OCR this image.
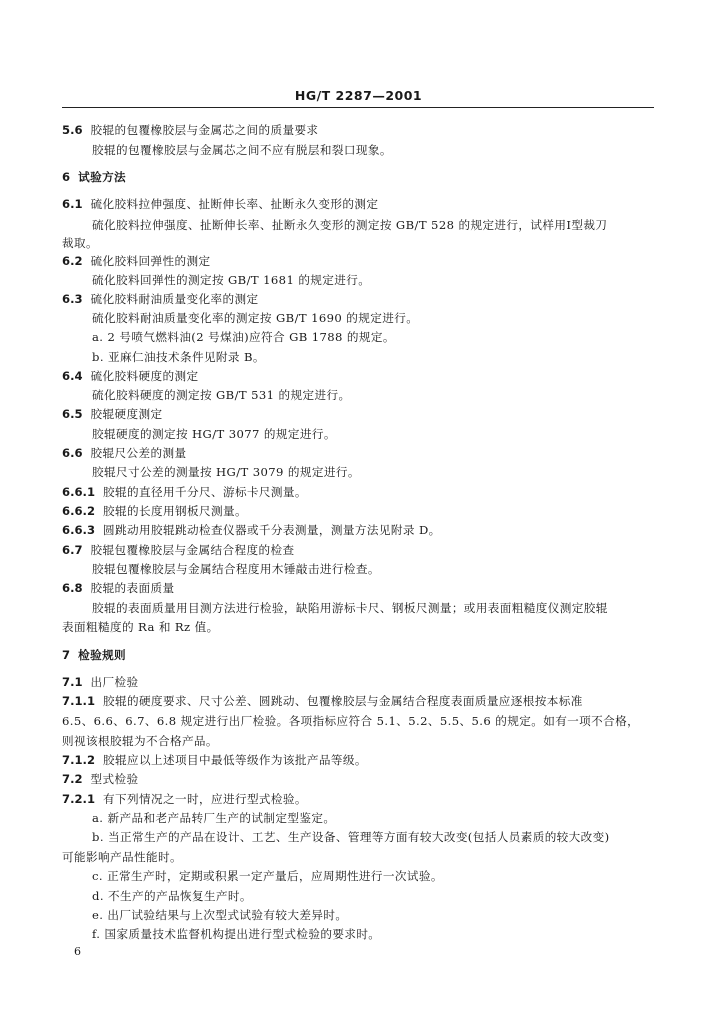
HG/T 2287—2001
5.6 胶辊的包覆橡胶层与金属芯之间的质量要求
胶辊的包覆橡胶层与金属芯之间不应有脱层和裂口现象。
6 试验方法
6.1 硫化胶料拉伸强度、扯断伸长率、扯断永久变形的测定
硫化胶料拉伸强度、扯断伸长率、扯断永久变形的测定按 GB/T 528 的规定进行，试样用Ⅰ型裁刀
裁取。
6.2 硫化胶料回弹性的测定
硫化胶料回弹性的测定按 GB/T 1681 的规定进行。
6.3 硫化胶料耐油质量变化率的测定
硫化胶料耐油质量变化率的测定按 GB/T 1690 的规定进行。
a. 2 号喷气燃料油(2 号煤油)应符合 GB 1788 的规定。
b. 亚麻仁油技术条件见附录 B。
6.4 硫化胶料硬度的测定
硫化胶料硬度的测定按 GB/T 531 的规定进行。
6.5 胶辊硬度测定
胶辊硬度的测定按 HG/T 3077 的规定进行。
6.6 胶辊尺公差的测量
胶辊尺寸公差的测量按 HG/T 3079 的规定进行。
6.6.1 胶辊的直径用千分尺、游标卡尺测量。
6.6.2 胶辊的长度用钢板尺测量。
6.6.3 圆跳动用胶辊跳动检查仪器或千分表测量，测量方法见附录 D。
6.7 胶辊包覆橡胶层与金属结合程度的检查
胶辊包覆橡胶层与金属结合程度用木锤敲击进行检查。
6.8 胶辊的表面质量
胶辊的表面质量用目测方法进行检验，缺陷用游标卡尺、钢板尺测量；或用表面粗糙度仪测定胶辊
表面粗糙度的 Ra 和 Rz 值。
7 检验规则
7.1 出厂检验
7.1.1 胶辊的硬度要求、尺寸公差、圆跳动、包覆橡胶层与金属结合程度表面质量应逐根按本标准
6.5、6.6、6.7、6.8 规定进行出厂检验。各项指标应符合 5.1、5.2、5.5、5.6 的规定。如有一项不合格，
则视该根胶辊为不合格产品。
7.1.2 胶辊应以上述项目中最低等级作为该批产品等级。
7.2 型式检验
7.2.1 有下列情况之一时，应进行型式检验。
a. 新产品和老产品转厂生产的试制定型鉴定。
b. 当正常生产的产品在设计、工艺、生产设备、管理等方面有较大改变(包括人员素质的较大改变)
可能影响产品性能时。
c. 正常生产时，定期或积累一定产量后，应周期性进行一次试验。
d. 不生产的产品恢复生产时。
e. 出厂试验结果与上次型式试验有较大差异时。
f. 国家质量技术监督机构提出进行型式检验的要求时。
6
